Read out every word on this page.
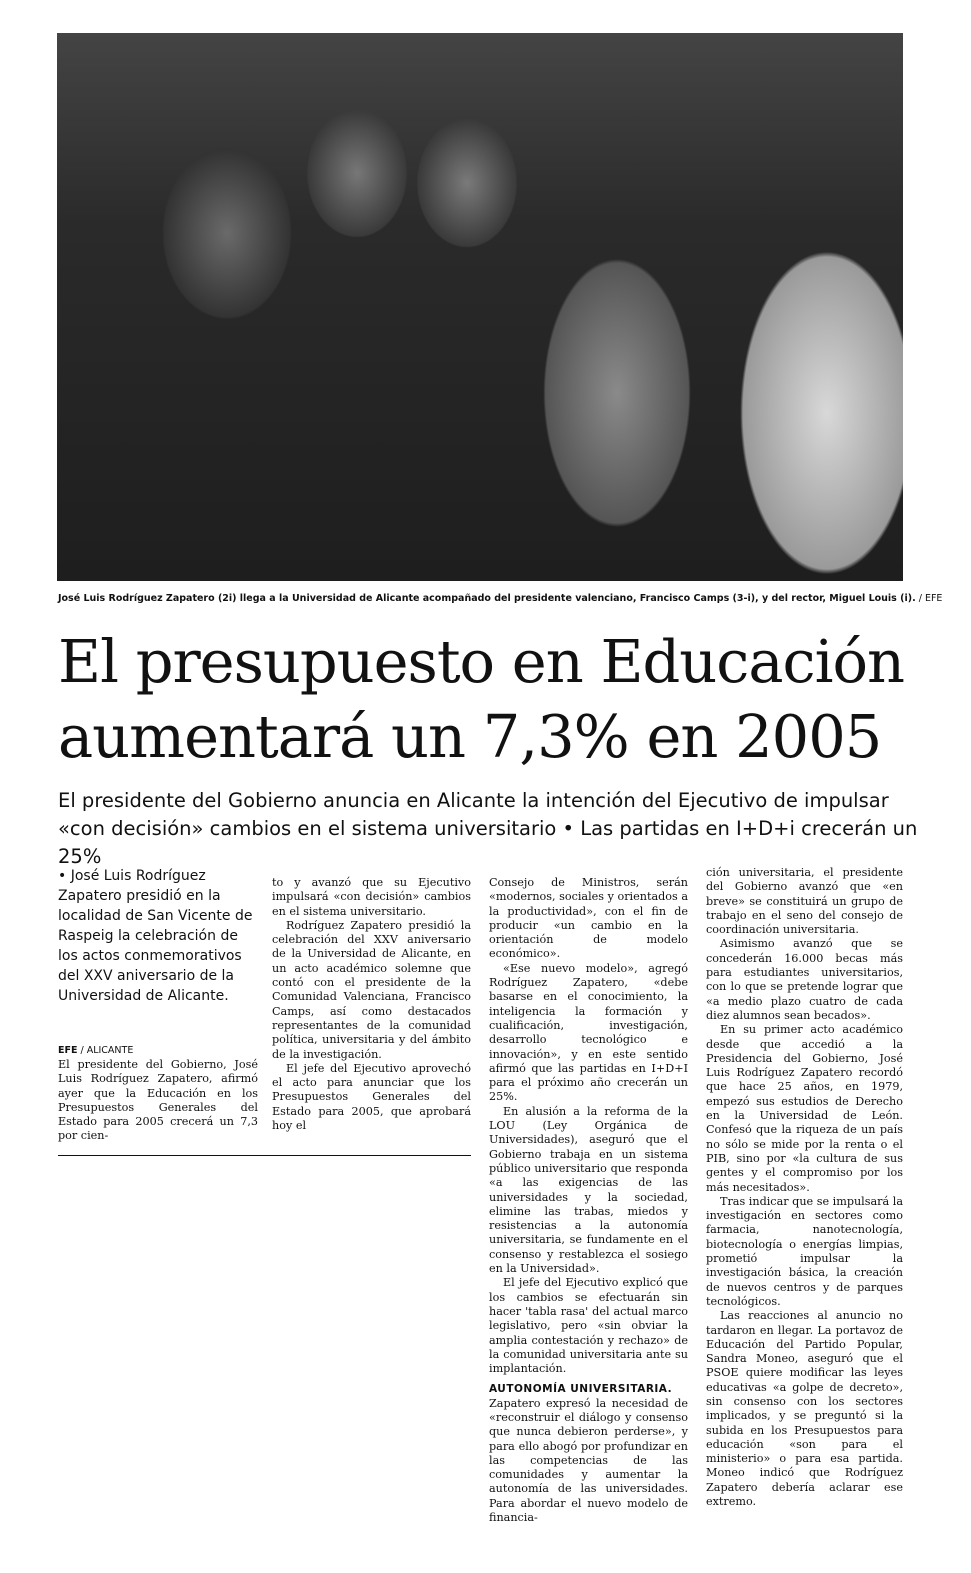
José Luis Rodríguez Zapatero (2i) llega a la Universidad de Alicante acompañado del presidente valenciano, Francisco Camps (3-i), y del rector, Miguel Louis (i). / EFE
El presupuesto en Educación
aumentará un 7,3% en 2005

El presidente del Gobierno anuncia en Alicante la intención del Ejecutivo de impulsar «con decisión» cambios en el sistema universitario • Las partidas en I+D+i crecerán un 25%

• José Luis Rodríguez Zapatero presidió en la localidad de San Vicente de Raspeig la celebración de los actos conmemorativos del XXV aniversario de la Universidad de Alicante.

EFE / ALICANTE

El presidente del Gobierno, José Luis Rodríguez Zapatero, afirmó ayer que la Educación en los Presupuestos Generales del Estado para 2005 crecerá un 7,3 por cien-

to y avanzó que su Ejecutivo impulsará «con decisión» cambios en el sistema universitario.

Rodríguez Zapatero presidió la celebración del XXV aniversario de la Universidad de Alicante, en un acto académico solemne que contó con el presidente de la Comunidad Valenciana, Francisco Camps, así como destacados representantes de la comunidad política, universitaria y del ámbito de la investigación.

El jefe del Ejecutivo aprovechó el acto para anunciar que los Presupuestos Generales del Estado para 2005, que aprobará hoy el

Consejo de Ministros, serán «modernos, sociales y orientados a la productividad», con el fin de producir «un cambio en la orientación de modelo económico».

«Ese nuevo modelo», agregó Rodríguez Zapatero, «debe basarse en el conocimiento, la inteligencia la formación y cualificación, investigación, desarrollo tecnológico e innovación», y en este sentido afirmó que las partidas en I+D+I para el próximo año crecerán un 25%.

En alusión a la reforma de la LOU (Ley Orgánica de Universidades), aseguró que el Gobierno trabaja en un sistema público universitario que responda «a las exigencias de las universidades y la sociedad, elimine las trabas, miedos y resistencias a la autonomía universitaria, se fundamente en el consenso y restablezca el sosiego en la Universidad».

El jefe del Ejecutivo explicó que los cambios se efectuarán sin hacer 'tabla rasa' del actual marco legislativo, pero «sin obviar la amplia contestación y rechazo» de la comunidad universitaria ante su implantación.

AUTONOMÍA UNIVERSITARIA.

Zapatero expresó la necesidad de «reconstruir el diálogo y consenso que nunca debieron perderse», y para ello abogó por profundizar en las competencias de las comunidades y aumentar la autonomía de las universidades. Para abordar el nuevo modelo de financia-

ción universitaria, el presidente del Gobierno avanzó que «en breve» se constituirá un grupo de trabajo en el seno del consejo de coordinación universitaria.

Asimismo avanzó que se concederán 16.000 becas más para estudiantes universitarios, con lo que se pretende lograr que «a medio plazo cuatro de cada diez alumnos sean becados».

En su primer acto académico desde que accedió a la Presidencia del Gobierno, José Luis Rodríguez Zapatero recordó que hace 25 años, en 1979, empezó sus estudios de Derecho en la Universidad de León. Confesó que la riqueza de un país no sólo se mide por la renta o el PIB, sino por «la cultura de sus gentes y el compromiso por los más necesitados».

Tras indicar que se impulsará la investigación en sectores como farmacia, nanotecnología, biotecnología o energías limpias, prometió impulsar la investigación básica, la creación de nuevos centros y de parques tecnológicos.

Las reacciones al anuncio no tardaron en llegar. La portavoz de Educación del Partido Popular, Sandra Moneo, aseguró que el PSOE quiere modificar las leyes educativas «a golpe de decreto», sin consenso con los sectores implicados, y se preguntó si la subida en los Presupuestos para educación «son para el ministerio» o para esa partida. Moneo indicó que Rodríguez Zapatero debería aclarar ese extremo.
